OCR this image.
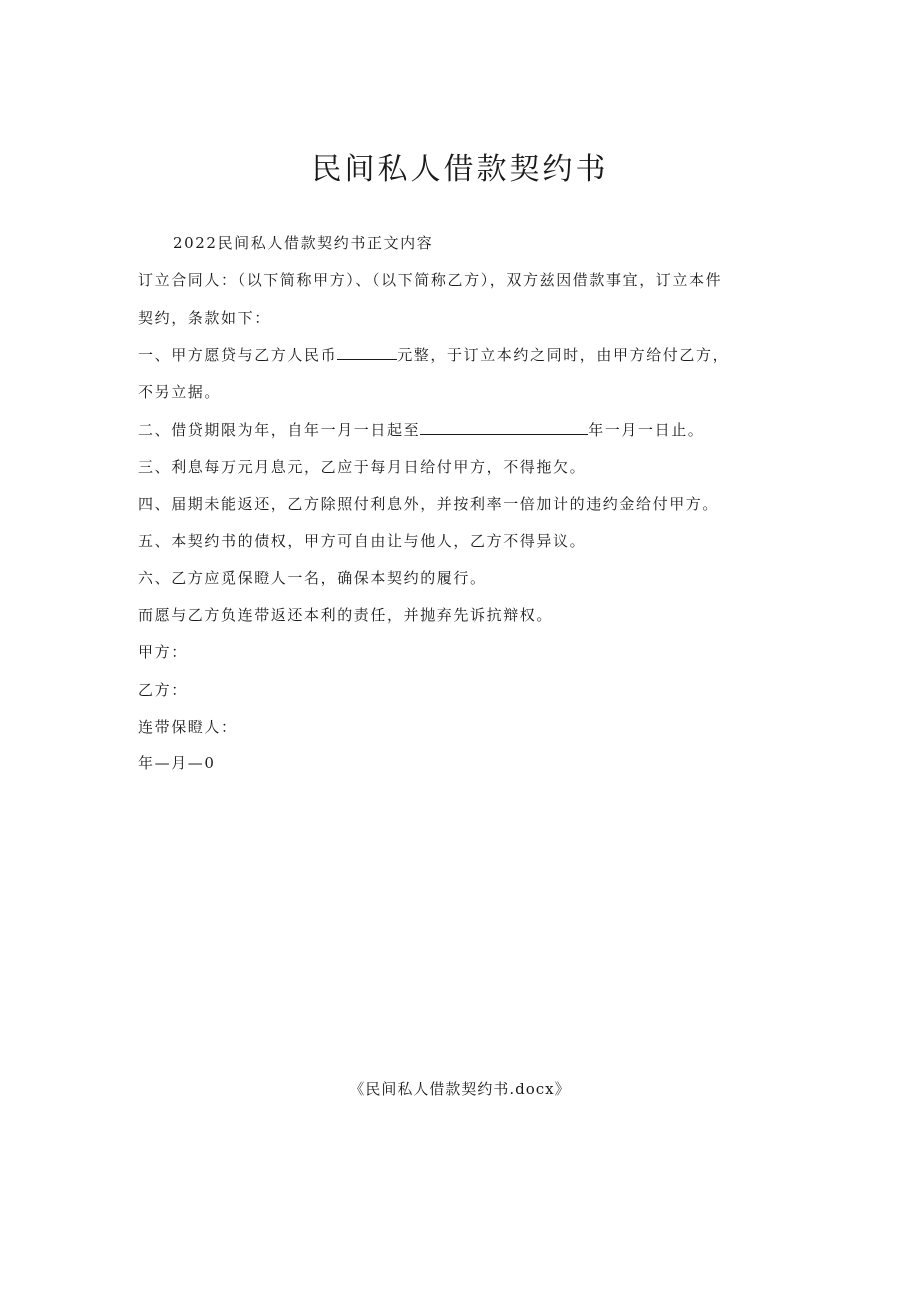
民间私人借款契约书
2022民间私人借款契约书正文内容
订立合同人：（以下简称甲方）、（以下简称乙方），双方兹因借款事宜，订立本件
契约，条款如下：
一、甲方愿贷与乙方人民币	元整，于订立本约之同时，由甲方给付乙方，
不另立据。
二、借贷期限为年，自年一月一日起至	年一月一日止。
三、利息每万元月息元，乙应于每月日给付甲方，不得拖欠。
四、届期未能返还，乙方除照付利息外，并按利率一倍加计的违约金给付甲方。
五、本契约书的债权，甲方可自由让与他人，乙方不得异议。
六、乙方应觅保瞪人一名，确保本契约的履行。
而愿与乙方负连带返还本利的责任，并抛弃先诉抗辩权。
甲方：
乙方：
连带保瞪人：
年—月—0
《民间私人借款契约书.docx》
